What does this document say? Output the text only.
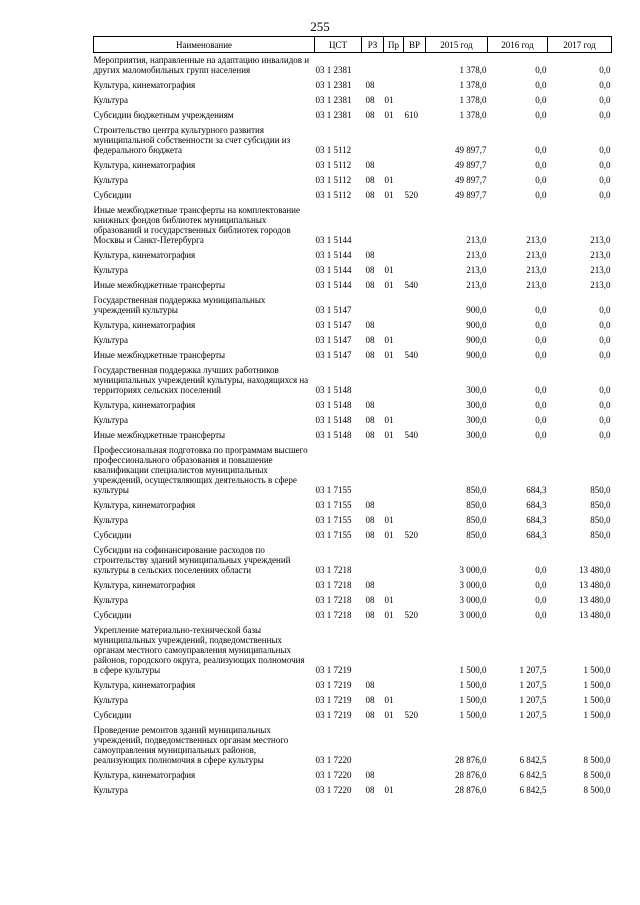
255
Наименование	ЦСТ	РЗ	Пр	ВР	2015 год	2016 год	2017 год
Мероприятия, направленные на адаптацию инвалидов и других маломобильных групп населения	03 1 2381				1 378,0	0,0	0,0
Культура, кинематография	03 1 2381	08			1 378,0	0,0	0,0
Культура	03 1 2381	08	01		1 378,0	0,0	0,0
Субсидии бюджетным учреждениям	03 1 2381	08	01	610	1 378,0	0,0	0,0
Строительство центра культурного развития муниципальной собственности за счет субсидии из федерального бюджета	03 1 5112				49 897,7	0,0	0,0
Культура, кинематография	03 1 5112	08			49 897,7	0,0	0,0
Культура	03 1 5112	08	01		49 897,7	0,0	0,0
Субсидии	03 1 5112	08	01	520	49 897,7	0,0	0,0
Иные межбюджетные трансферты на комплектование книжных фондов библиотек муниципальных образований и государственных библиотек городов Москвы и Санкт-Петербурга	03 1 5144				213,0	213,0	213,0
Культура, кинематография	03 1 5144	08			213,0	213,0	213,0
Культура	03 1 5144	08	01		213,0	213,0	213,0
Иные межбюджетные трансферты	03 1 5144	08	01	540	213,0	213,0	213,0
Государственная поддержка муниципальных учреждений культуры	03 1 5147				900,0	0,0	0,0
Культура, кинематография	03 1 5147	08			900,0	0,0	0,0
Культура	03 1 5147	08	01		900,0	0,0	0,0
Иные межбюджетные трансферты	03 1 5147	08	01	540	900,0	0,0	0,0
Государственная поддержка лучших работников муниципальных учреждений культуры, находящихся на территориях сельских поселений	03 1 5148				300,0	0,0	0,0
Культура, кинематография	03 1 5148	08			300,0	0,0	0,0
Культура	03 1 5148	08	01		300,0	0,0	0,0
Иные межбюджетные трансферты	03 1 5148	08	01	540	300,0	0,0	0,0
Профессиональная подготовка по программам высшего профессионального образования и повышение квалификации специалистов муниципальных учреждений, осуществляющих деятельность в сфере культуры	03 1 7155				850,0	684,3	850,0
Культура, кинематография	03 1 7155	08			850,0	684,3	850,0
Культура	03 1 7155	08	01		850,0	684,3	850,0
Субсидии	03 1 7155	08	01	520	850,0	684,3	850,0
Субсидии на софинансирование расходов по строительству зданий муниципальных учреждений культуры в сельских поселениях области	03 1 7218				3 000,0	0,0	13 480,0
Культура, кинематография	03 1 7218	08			3 000,0	0,0	13 480,0
Культура	03 1 7218	08	01		3 000,0	0,0	13 480,0
Субсидии	03 1 7218	08	01	520	3 000,0	0,0	13 480,0
Укрепление материально-технической базы муниципальных учреждений, подведомственных органам местного самоуправления муниципальных районов, городского округа, реализующих полномочия в сфере культуры	03 1 7219				1 500,0	1 207,5	1 500,0
Культура, кинематография	03 1 7219	08			1 500,0	1 207,5	1 500,0
Культура	03 1 7219	08	01		1 500,0	1 207,5	1 500,0
Субсидии	03 1 7219	08	01	520	1 500,0	1 207,5	1 500,0
Проведение ремонтов зданий муниципальных учреждений, подведомственных органам местного самоуправления муниципальных районов, реализующих полномочия в сфере культуры	03 1 7220				28 876,0	6 842,5	8 500,0
Культура, кинематография	03 1 7220	08			28 876,0	6 842,5	8 500,0
Культура	03 1 7220	08	01		28 876,0	6 842,5	8 500,0
